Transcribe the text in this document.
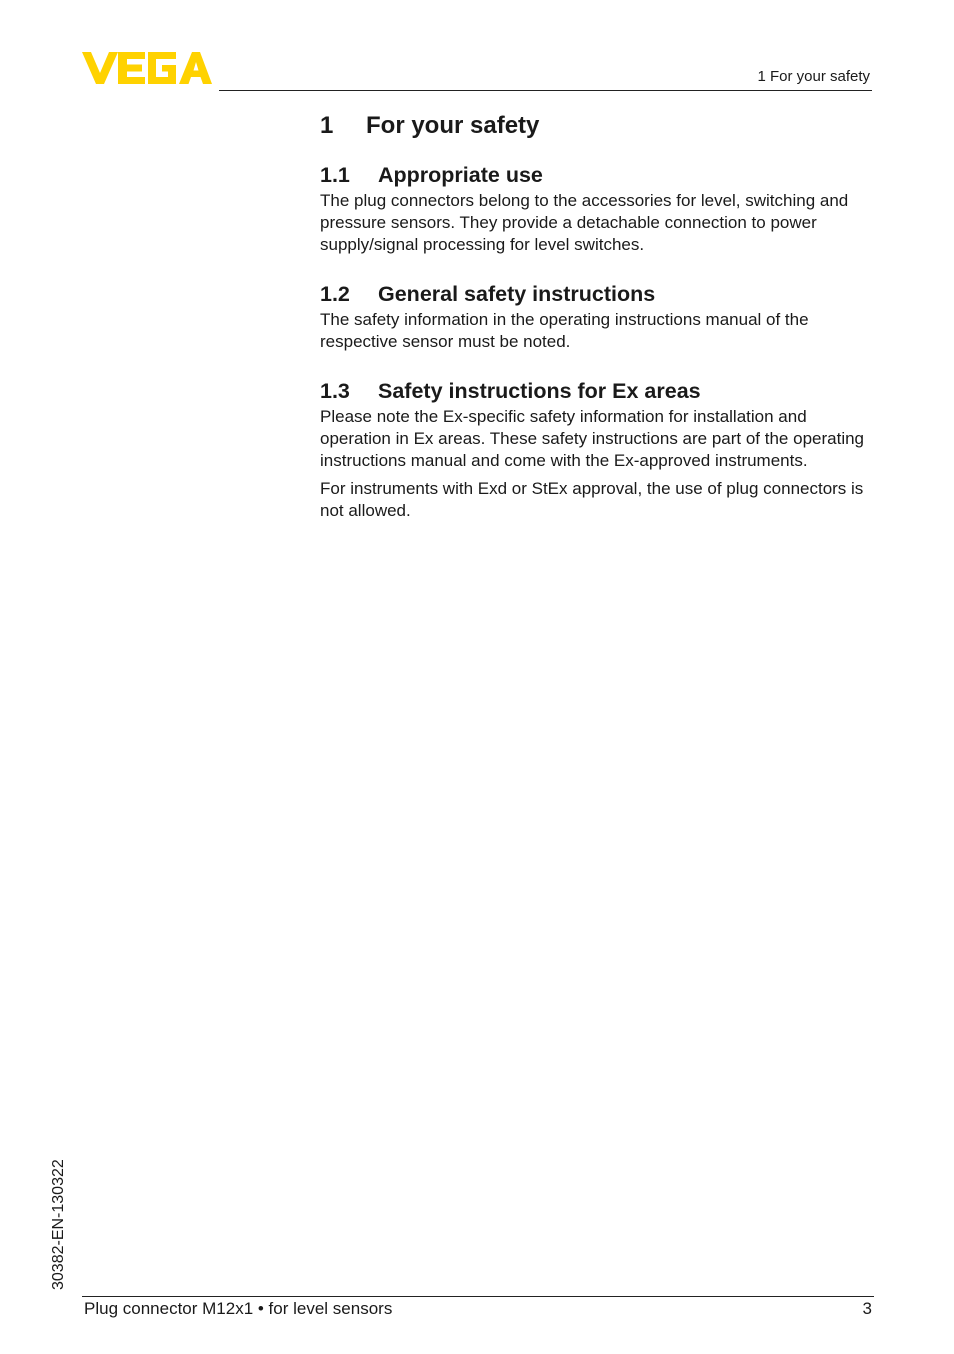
1 For your safety
1 For your safety
1.1 Appropriate use

The plug connectors belong to the accessories for level, switching and pressure sensors. They provide a detachable connection to power supply/signal processing for level switches.

1.2 General safety instructions

The safety information in the operating instructions manual of the respective sensor must be noted.

1.3 Safety instructions for Ex areas

Please note the Ex-specific safety information for installation and operation in Ex areas. These safety instructions are part of the operating instructions manual and come with the Ex-approved instruments.

For instruments with Exd or StEx approval, the use of plug connectors is not allowed.

30382-EN-130322
Plug connector M12x1 • for level sensors	3
